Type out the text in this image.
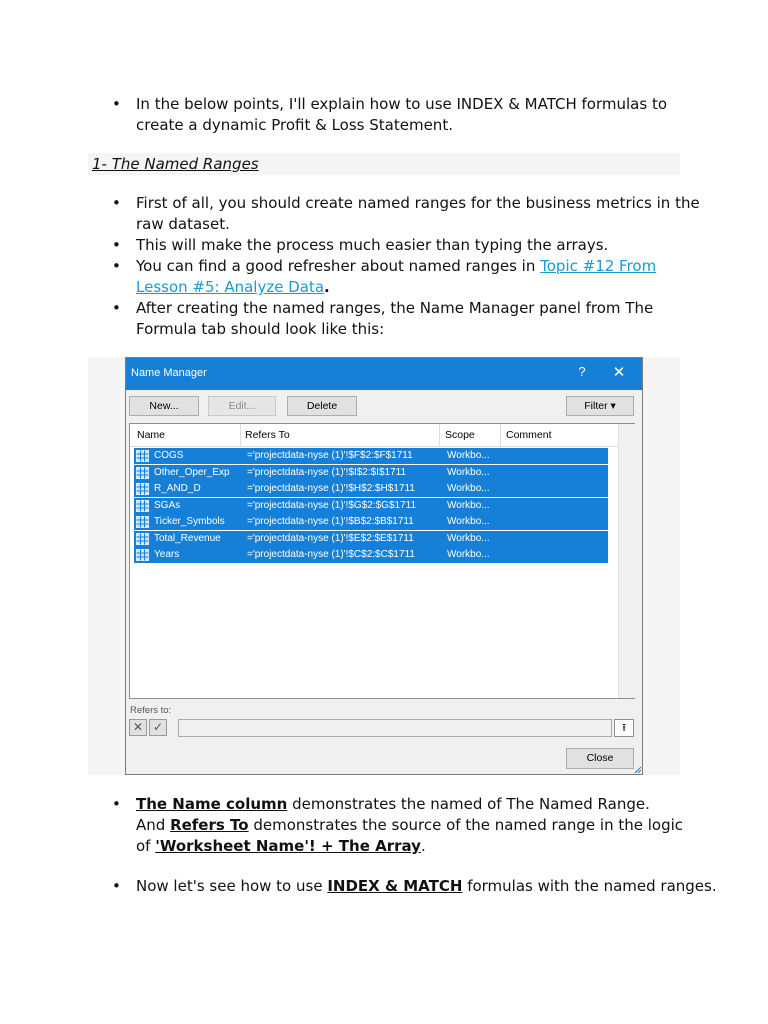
• In the below points, I'll explain how to use INDEX & MATCH formulas to
create a dynamic Profit & Loss Statement.
1- The Named Ranges
• First of all, you should create named ranges for the business metrics in the
raw dataset.
• This will make the process much easier than typing the arrays.
• You can find a good refresher about named ranges in Topic #12 From
Lesson #5: Analyze Data.
• After creating the named ranges, the Name Manager panel from The
Formula tab should look like this:
Name Manager	?	✕
New...	Edit...	Delete	Filter ▾
Name	Refers To	Scope	Comment
COGS	='projectdata-nyse (1)'!$F$2:$F$1711	Workbo...
Other_Oper_Exp ='projectdata-nyse (1)'!$I$2:$I$1711	Workbo...
R_AND_D	='projectdata-nyse (1)'!$H$2:$H$1711	Workbo...
SGAs	='projectdata-nyse (1)'!$G$2:$G$1711	Workbo...
Ticker_Symbols ='projectdata-nyse (1)'!$B$2:$B$1711	Workbo...
Total_Revenue	='projectdata-nyse (1)'!$E$2:$E$1711	Workbo...
Years	='projectdata-nyse (1)'!$C$2:$C$1711	Workbo...
Refers to:
✕ ✓	⭱
Close
• The Name column demonstrates the named of The Named Range.
And Refers To demonstrates the source of the named range in the logic
of 'Worksheet Name'! + The Array.
• Now let's see how to use INDEX & MATCH formulas with the named ranges.
